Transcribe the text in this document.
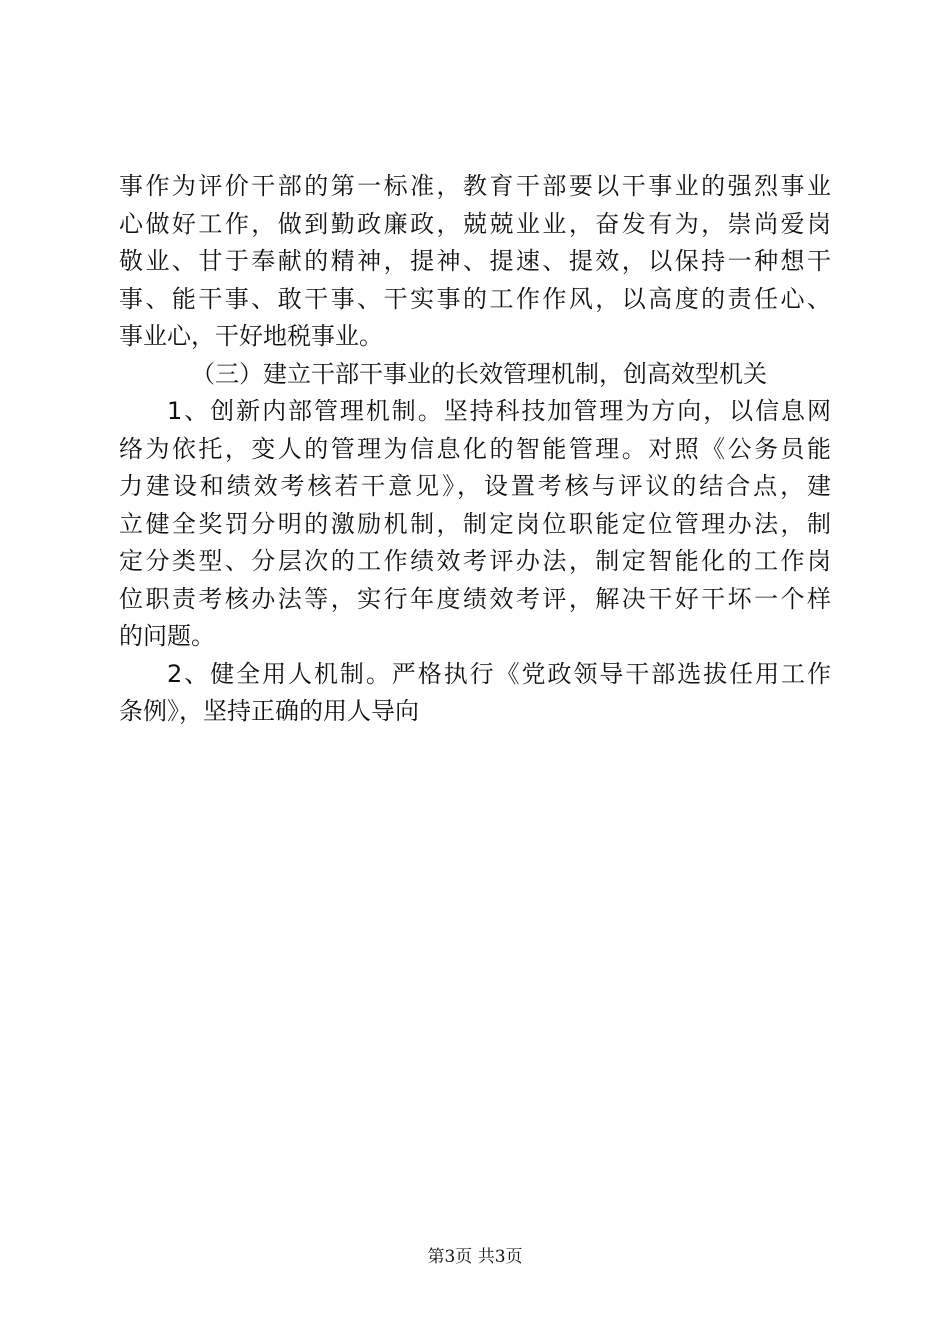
事作为评价干部的第一标准，教育干部要以干事业的强烈事业
心做好工作，做到勤政廉政，兢兢业业，奋发有为，崇尚爱岗
敬业、甘于奉献的精神，提神、提速、提效，以保持一种想干
事、能干事、敢干事、干实事的工作作风，以高度的责任心、
事业心，干好地税事业。
（三）建立干部干事业的长效管理机制，创高效型机关
1、创新内部管理机制。坚持科技加管理为方向，以信息网
络为依托，变人的管理为信息化的智能管理。对照《公务员能
力建设和绩效考核若干意见》，设置考核与评议的结合点，建
立健全奖罚分明的激励机制，制定岗位职能定位管理办法，制
定分类型、分层次的工作绩效考评办法，制定智能化的工作岗
位职责考核办法等，实行年度绩效考评，解决干好干坏一个样
的问题。
2、健全用人机制。严格执行《党政领导干部选拔任用工作
条例》，坚持正确的用人导向
第3页 共3页
